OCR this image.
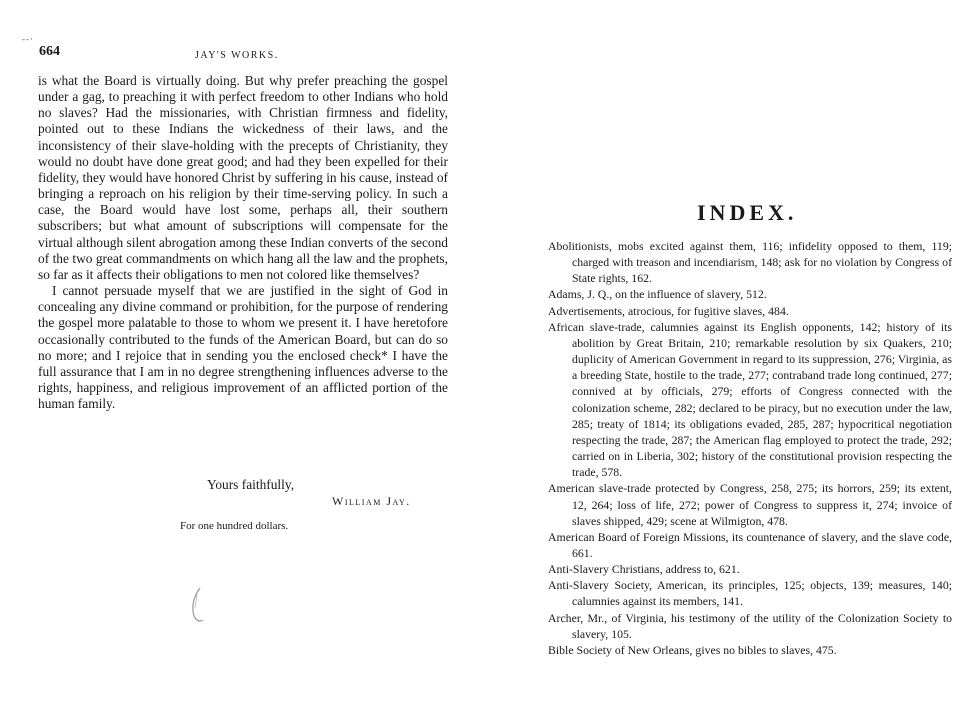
--·
664	JAY'S WORKS.

is what the Board is virtually doing. But why prefer preaching the gospel under a gag, to preaching it with perfect freedom to other Indians who hold no slaves? Had the missionaries, with Christian firmness and fidelity, pointed out to these Indians the wickedness of their laws, and the inconsistency of their slave-holding with the precepts of Christianity, they would no doubt have done great good; and had they been expelled for their fidelity, they would have honored Christ by suffering in his cause, instead of bringing a reproach on his religion by their time-serving policy. In such a case, the Board would have lost some, perhaps all, their southern subscribers; but what amount of subscriptions will compensate for the virtual although silent abrogation among these Indian converts of the second of the two great commandments on which hang all the law and the prophets, so far as it affects their obligations to men not colored like themselves?

I cannot persuade myself that we are justified in the sight of God in concealing any divine command or prohibition, for the purpose of rendering the gospel more palatable to those to whom we present it. I have heretofore occasionally contributed to the funds of the American Board, but can do so no more; and I rejoice that in sending you the enclosed check* I have the full assurance that I am in no degree strengthening influences adverse to the rights, happiness, and religious improvement of an afflicted portion of the human family.

Yours faithfully,
William Jay.
For one hundred dollars.
INDEX.
Abolitionists, mobs excited against them, 116; infidelity opposed to them, 119; charged with treason and incendiarism, 148; ask for no violation by Congress of State rights, 162.
Adams, J. Q., on the influence of slavery, 512.
Advertisements, atrocious, for fugitive slaves, 484.
African slave-trade, calumnies against its English opponents, 142; history of its abolition by Great Britain, 210; remarkable resolution by six Quakers, 210; duplicity of American Government in regard to its suppression, 276; Virginia, as a breeding State, hostile to the trade, 277; contraband trade long continued, 277; connived at by officials, 279; efforts of Congress connected with the colonization scheme, 282; declared to be piracy, but no execution under the law, 285; treaty of 1814; its obligations evaded, 285, 287; hypocritical negotiation respecting the trade, 287; the American flag employed to protect the trade, 292; carried on in Liberia, 302; history of the constitutional provision respecting the trade, 578.
American slave-trade protected by Congress, 258, 275; its horrors, 259; its extent, 12, 264; loss of life, 272; power of Congress to suppress it, 274; invoice of slaves shipped, 429; scene at Wilmigton, 478.
American Board of Foreign Missions, its countenance of slavery, and the slave code, 661.
Anti-Slavery Christians, address to, 621.
Anti-Slavery Society, American, its principles, 125; objects, 139; measures, 140; calumnies against its members, 141.
Archer, Mr., of Virginia, his testimony of the utility of the Colonization Society to slavery, 105.
Bible Society of New Orleans, gives no bibles to slaves, 475.
